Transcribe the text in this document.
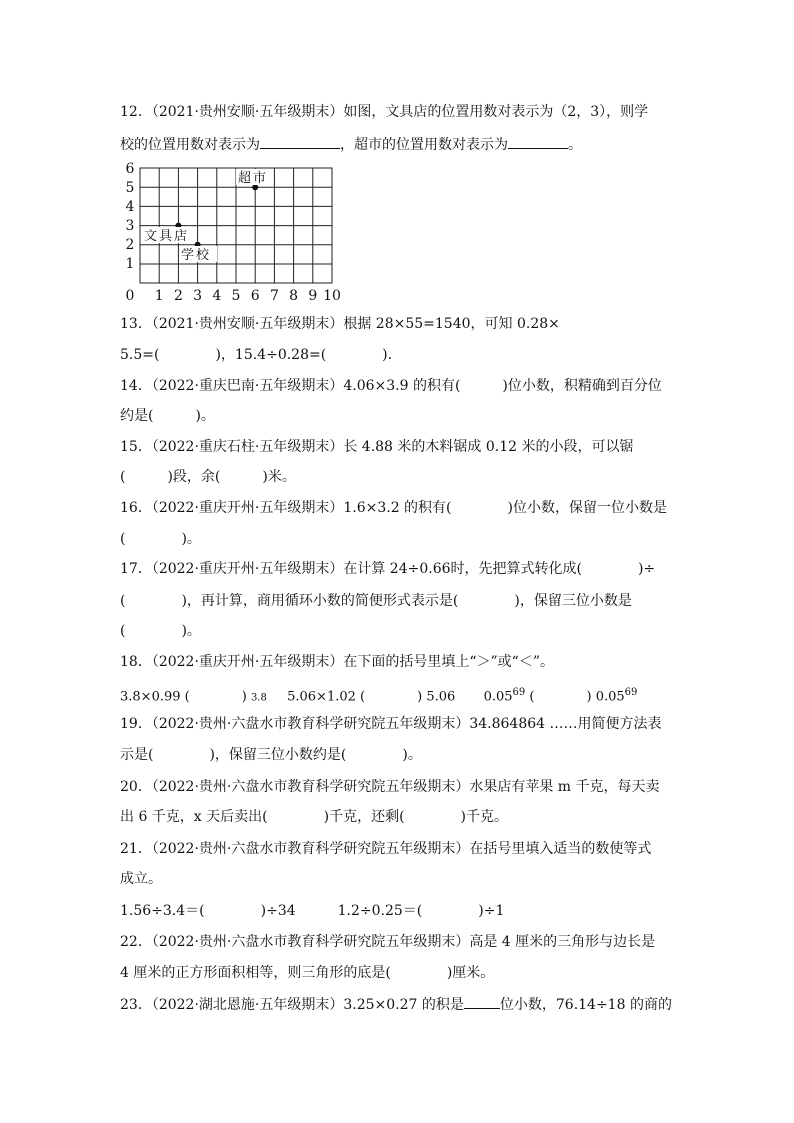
12．（2021·贵州安顺·五年级期末）如图，文具店的位置用数对表示为（2，3），则学
校的位置用数对表示为	，超市的位置用数对表示为	。
6
5
4
3
2
1
0 1 2 3 4 5 6 7 8 9 10
超市
文具店
学校
13．（2021·贵州安顺·五年级期末）根据 28×55=1540，可知 0.28×
5.5=(　　　　)，15.4÷0.28=(　　　　).
14．（2022·重庆巴南·五年级期末）4.06×3.9 的积有(　　　)位小数，积精确到百分位
约是(　　　)。
15．（2022·重庆石柱·五年级期末）长 4.88 米的木料锯成 0.12 米的小段，可以锯
(　　　)段，余(　　　)米。
16．（2022·重庆开州·五年级期末）1.6×3.2 的积有(　　　　)位小数，保留一位小数是
(　　　　)。
17．（2022·重庆开州·五年级期末）在计算 24÷0.66时，先把算式转化成(　　　　)÷
(　　　　)，再计算，商用循环小数的简便形式表示是(　　　　)，保留三位小数是
(　　　　)。
18．（2022·重庆开州·五年级期末）在下面的括号里填上“＞”或“＜”。
3.8×0.99 (　　　　) 3.8 5.06×1.02 (　　　　) 5.06 0.05$^{69}$ (　　　　) 0.05$^{69}$
19．（2022·贵州·六盘水市教育科学研究院五年级期末）34.864864 ……用简便方法表
示是(　　　　)，保留三位小数约是(　　　　)。
20．（2022·贵州·六盘水市教育科学研究院五年级期末）水果店有苹果 m 千克，每天卖
出 6 千克，x 天后卖出(　　　　)千克，还剩(　　　　)千克。
21．（2022·贵州·六盘水市教育科学研究院五年级期末）在括号里填入适当的数使等式
成立。
1.56÷3.4＝(　　　　)÷34　　　1.2÷0.25＝(　　　　)÷1
22．（2022·贵州·六盘水市教育科学研究院五年级期末）高是 4 厘米的三角形与边长是
4 厘米的正方形面积相等，则三角形的底是(　　　　)厘米。
23．（2022·湖北恩施·五年级期末）3.25×0.27 的积是	位小数，76.14÷18 的商的
